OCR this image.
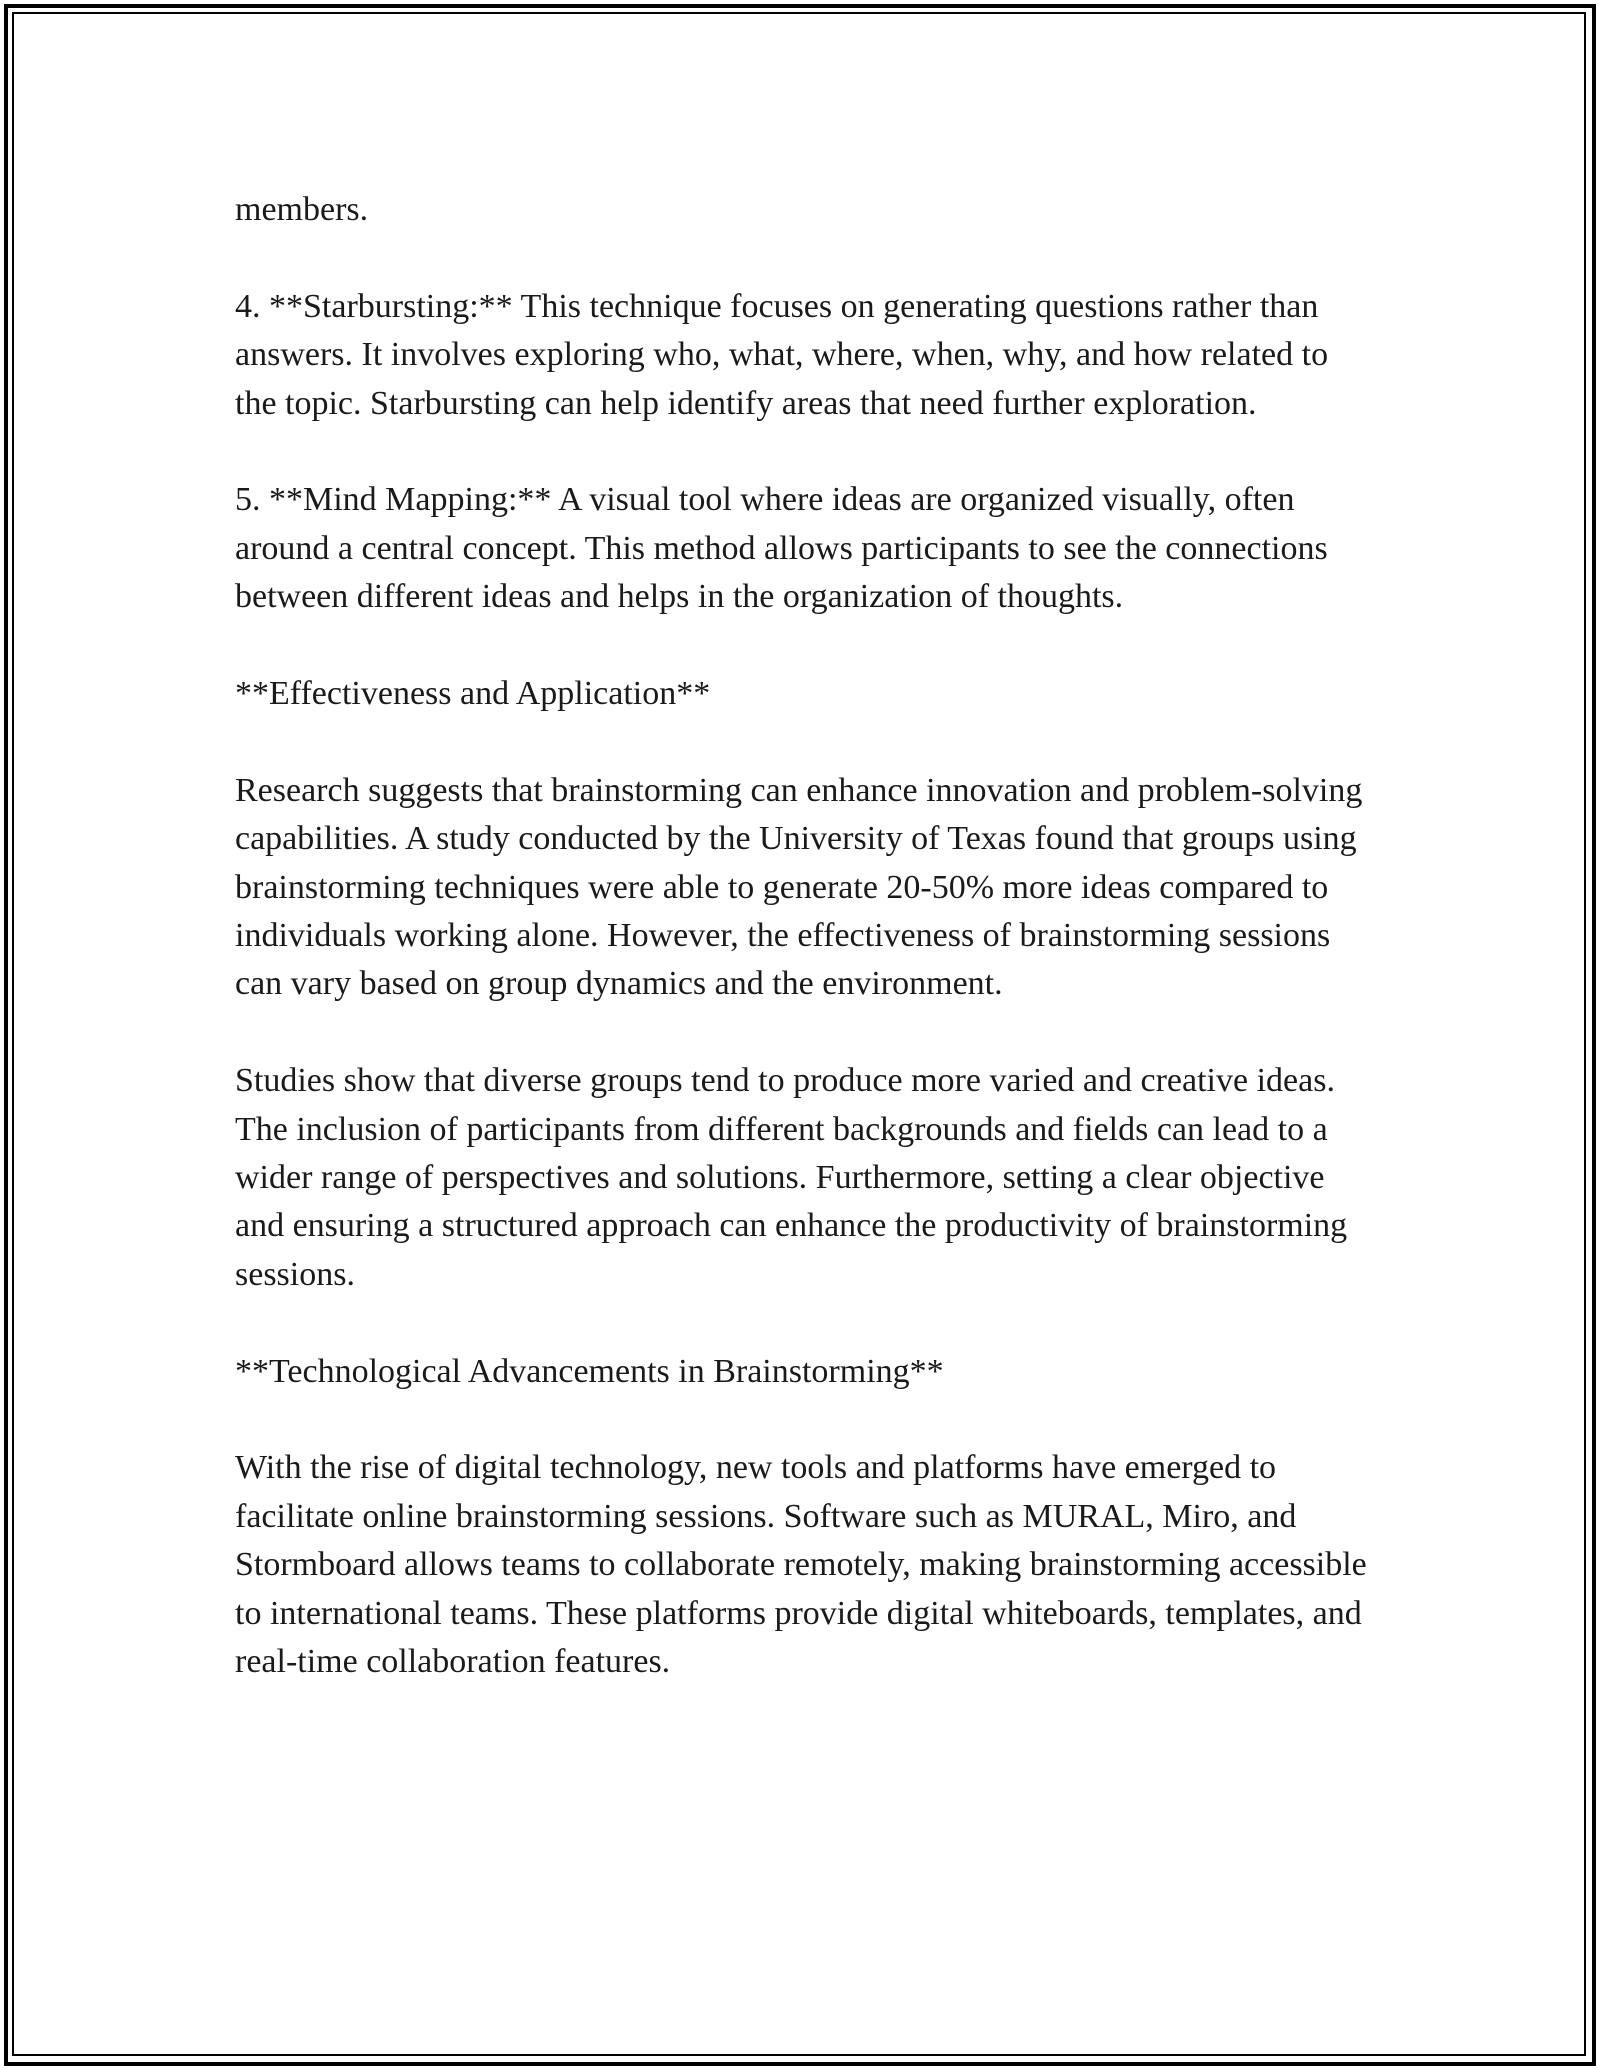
members.

4. **Starbursting:** This technique focuses on generating questions rather than answers. It involves exploring who, what, where, when, why, and how related to the topic. Starbursting can help identify areas that need further exploration.

5. **Mind Mapping:** A visual tool where ideas are organized visually, often around a central concept. This method allows participants to see the connections between different ideas and helps in the organization of thoughts.

**Effectiveness and Application**

Research suggests that brainstorming can enhance innovation and problem-solving capabilities. A study conducted by the University of Texas found that groups using brainstorming techniques were able to generate 20-50% more ideas compared to individuals working alone. However, the effectiveness of brainstorming sessions can vary based on group dynamics and the environment.

Studies show that diverse groups tend to produce more varied and creative ideas. The inclusion of participants from different backgrounds and fields can lead to a wider range of perspectives and solutions. Furthermore, setting a clear objective and ensuring a structured approach can enhance the productivity of brainstorming sessions.

**Technological Advancements in Brainstorming**

With the rise of digital technology, new tools and platforms have emerged to facilitate online brainstorming sessions. Software such as MURAL, Miro, and Stormboard allows teams to collaborate remotely, making brainstorming accessible to international teams. These platforms provide digital whiteboards, templates, and real-time collaboration features.
